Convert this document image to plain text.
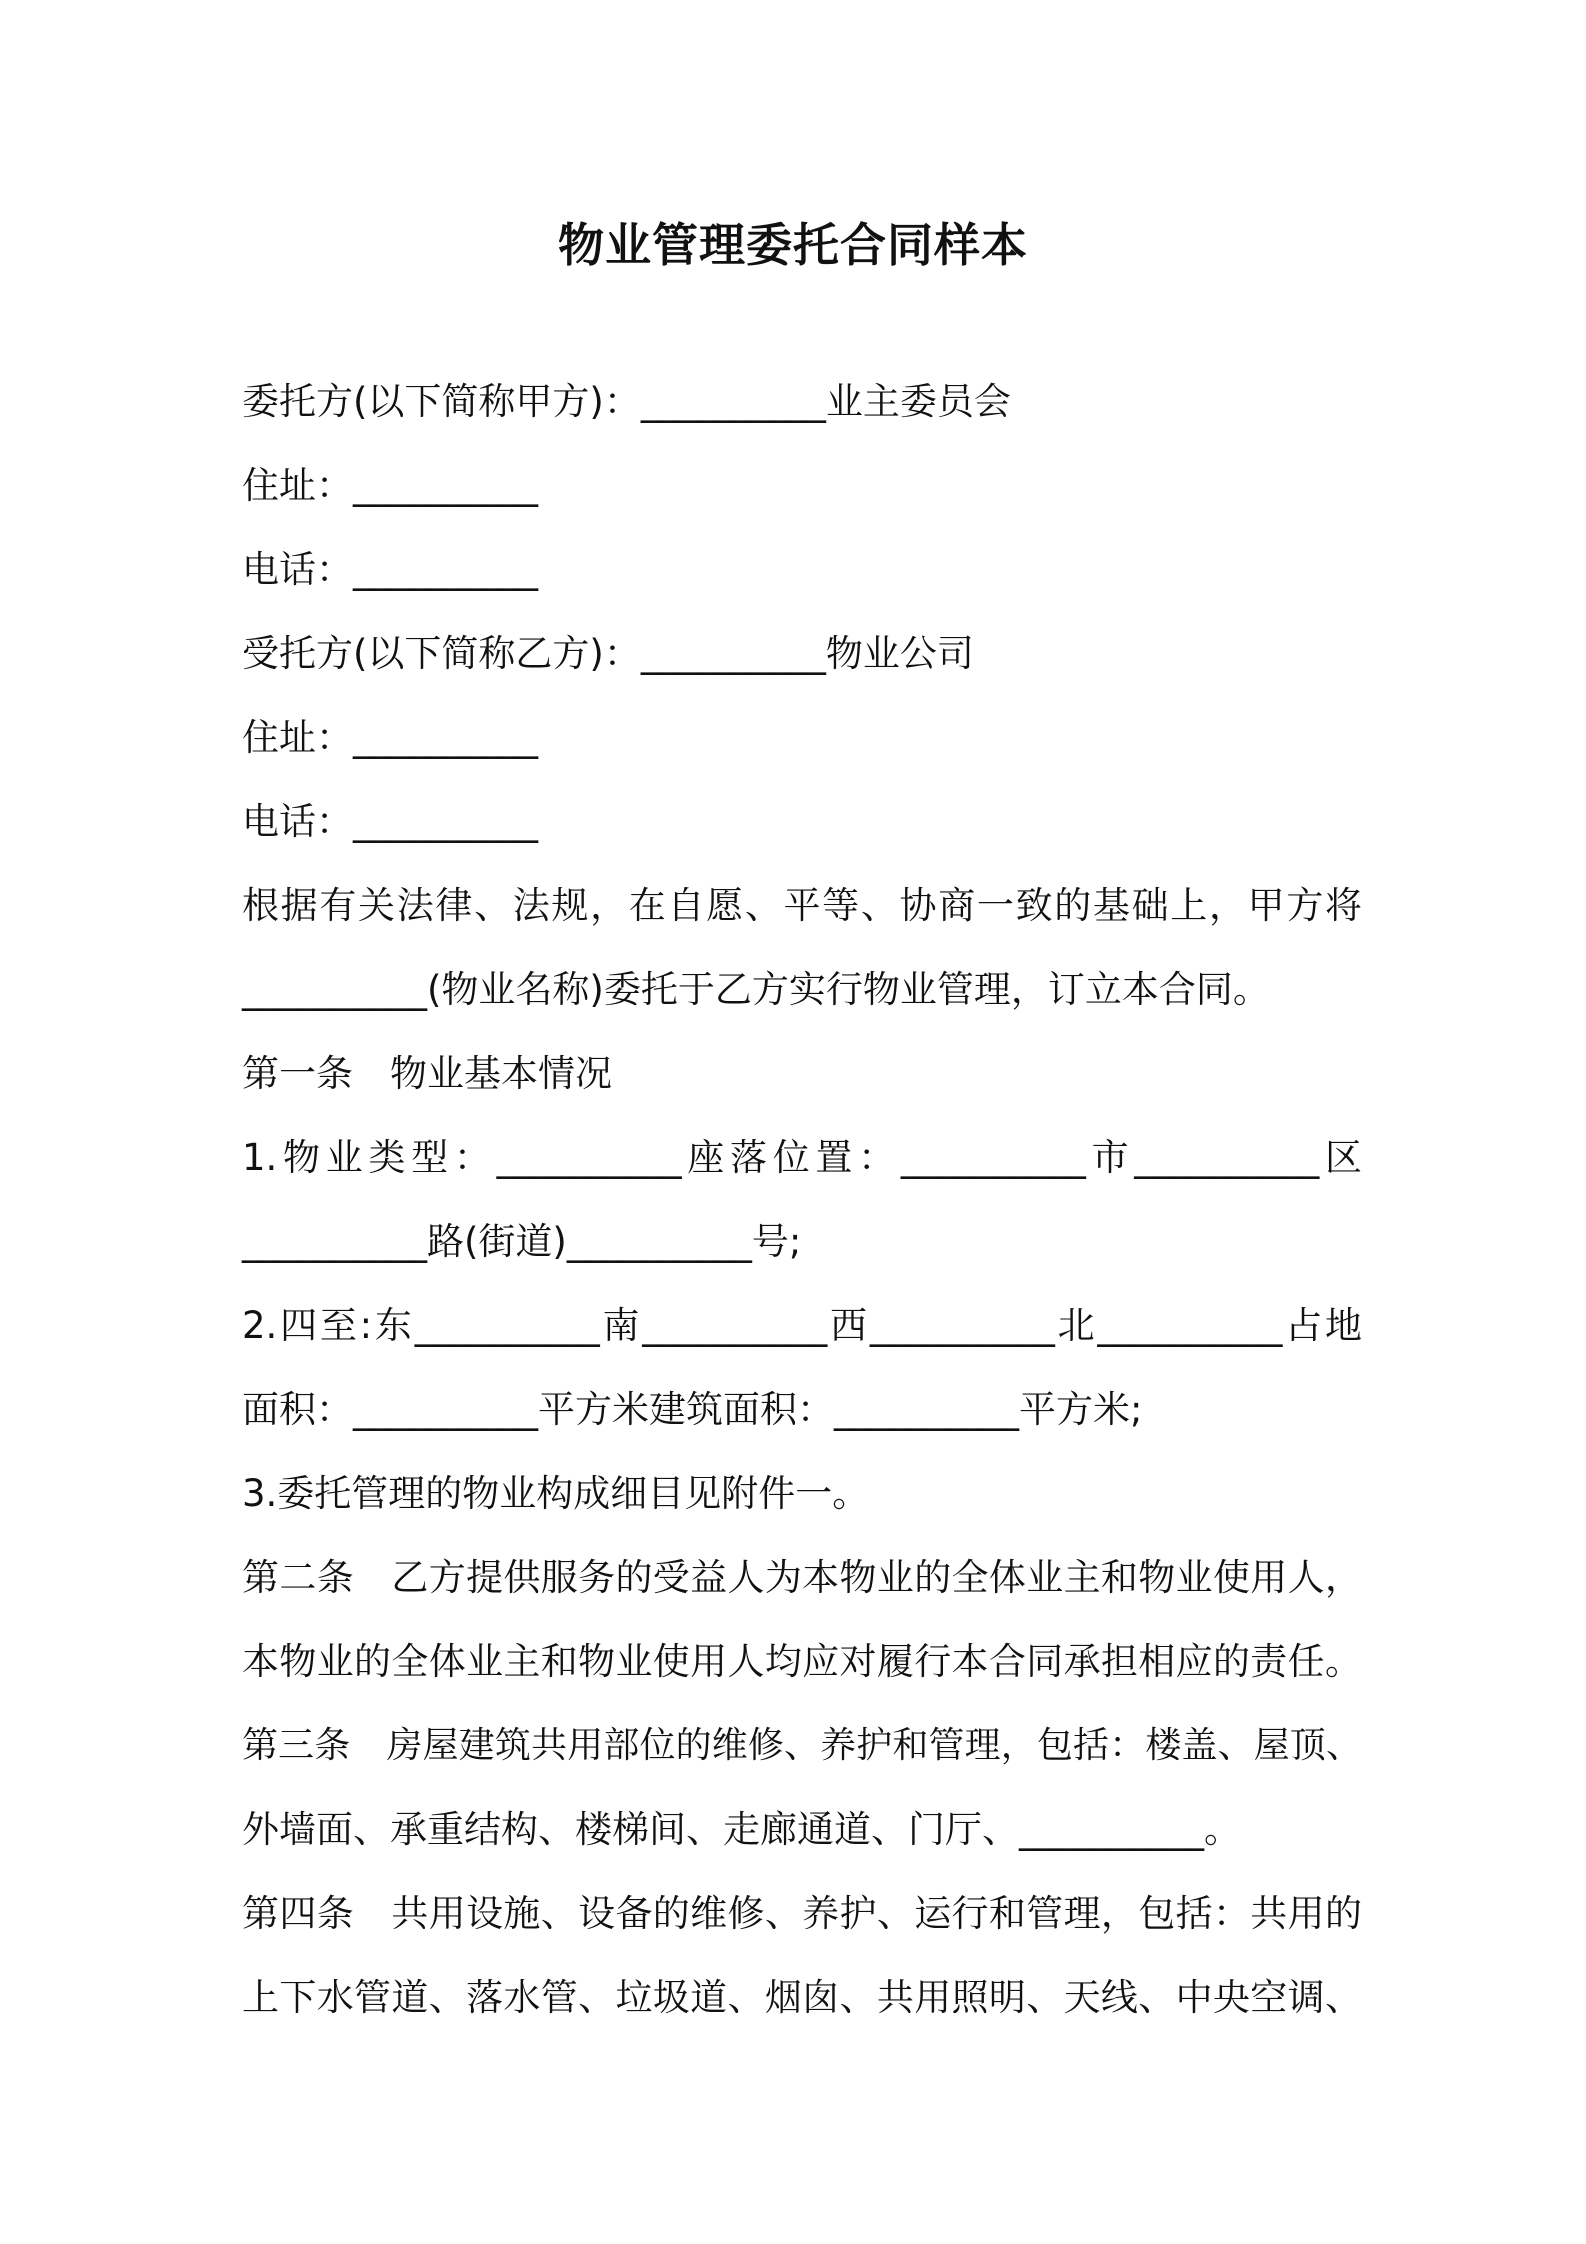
物业管理委托合同样本
委托方(以下简称甲方)：__________业主委员会
住址：__________
电话：__________
受托方(以下简称乙方)：__________物业公司
住址：__________
电话：__________
根据有关法律、法规，在自愿、平等、协商一致的基础上，甲方将
__________(物业名称)委托于乙方实行物业管理，订立本合同。
第一条　物业基本情况
1.物业类型：__________座落位置：__________市__________区
__________路(街道)__________号;
2.四至:东__________南__________西__________北__________占地
面积：__________平方米建筑面积：__________平方米;
3.委托管理的物业构成细目见附件一。
第二条　乙方提供服务的受益人为本物业的全体业主和物业使用人，
本物业的全体业主和物业使用人均应对履行本合同承担相应的责任。
第三条　房屋建筑共用部位的维修、养护和管理，包括：楼盖、屋顶、
外墙面、承重结构、楼梯间、走廊通道、门厅、__________。
第四条　共用设施、设备的维修、养护、运行和管理，包括：共用的
上下水管道、落水管、垃圾道、烟囱、共用照明、天线、中央空调、
